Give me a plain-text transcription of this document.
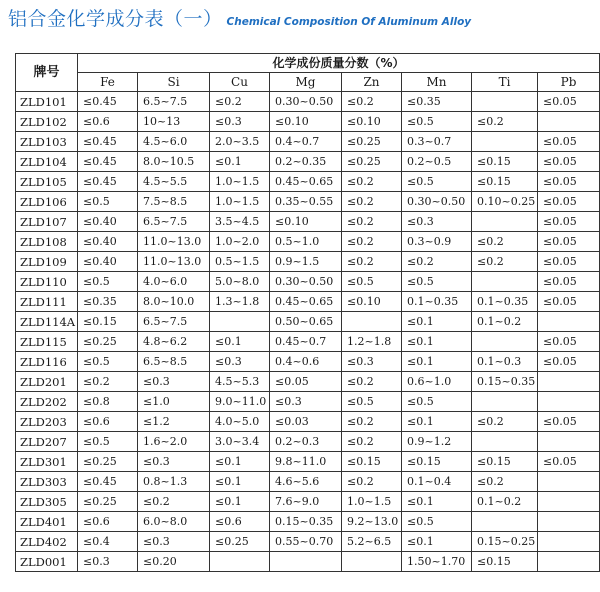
铝合金化学成分表（一） Chemical Composition Of Aluminum Alloy
牌号	化学成份质量分数（%）							
	Fe	Si	Cu	Mg	Zn	Mn	Ti	Pb
ZLD101	≤0.45	6.5~7.5	≤0.2	0.30~0.50	≤0.2	≤0.35		≤0.05
ZLD102	≤0.6	10~13	≤0.3	≤0.10	≤0.10	≤0.5	≤0.2	
ZLD103	≤0.45	4.5~6.0	2.0~3.5	0.4~0.7	≤0.25	0.3~0.7		≤0.05
ZLD104	≤0.45	8.0~10.5	≤0.1	0.2~0.35	≤0.25	0.2~0.5	≤0.15	≤0.05
ZLD105	≤0.45	4.5~5.5	1.0~1.5	0.45~0.65	≤0.2	≤0.5	≤0.15	≤0.05
ZLD106	≤0.5	7.5~8.5	1.0~1.5	0.35~0.55	≤0.2	0.30~0.50	0.10~0.25	≤0.05
ZLD107	≤0.40	6.5~7.5	3.5~4.5	≤0.10	≤0.2	≤0.3		≤0.05
ZLD108	≤0.40	11.0~13.0	1.0~2.0	0.5~1.0	≤0.2	0.3~0.9	≤0.2	≤0.05
ZLD109	≤0.40	11.0~13.0	0.5~1.5	0.9~1.5	≤0.2	≤0.2	≤0.2	≤0.05
ZLD110	≤0.5	4.0~6.0	5.0~8.0	0.30~0.50	≤0.5	≤0.5		≤0.05
ZLD111	≤0.35	8.0~10.0	1.3~1.8	0.45~0.65	≤0.10	0.1~0.35	0.1~0.35	≤0.05
ZLD114A	≤0.15	6.5~7.5		0.50~0.65		≤0.1	0.1~0.2	
ZLD115	≤0.25	4.8~6.2	≤0.1	0.45~0.7	1.2~1.8	≤0.1		≤0.05
ZLD116	≤0.5	6.5~8.5	≤0.3	0.4~0.6	≤0.3	≤0.1	0.1~0.3	≤0.05
ZLD201	≤0.2	≤0.3	4.5~5.3	≤0.05	≤0.2	0.6~1.0	0.15~0.35	
ZLD202	≤0.8	≤1.0	9.0~11.0	≤0.3	≤0.5	≤0.5		
ZLD203	≤0.6	≤1.2	4.0~5.0	≤0.03	≤0.2	≤0.1	≤0.2	≤0.05
ZLD207	≤0.5	1.6~2.0	3.0~3.4	0.2~0.3	≤0.2	0.9~1.2		
ZLD301	≤0.25	≤0.3	≤0.1	9.8~11.0	≤0.15	≤0.15	≤0.15	≤0.05
ZLD303	≤0.45	0.8~1.3	≤0.1	4.6~5.6	≤0.2	0.1~0.4	≤0.2	
ZLD305	≤0.25	≤0.2	≤0.1	7.6~9.0	1.0~1.5	≤0.1	0.1~0.2	
ZLD401	≤0.6	6.0~8.0	≤0.6	0.15~0.35	9.2~13.0	≤0.5		
ZLD402	≤0.4	≤0.3	≤0.25	0.55~0.70	5.2~6.5	≤0.1	0.15~0.25	
ZLD001	≤0.3	≤0.20				1.50~1.70	≤0.15	
